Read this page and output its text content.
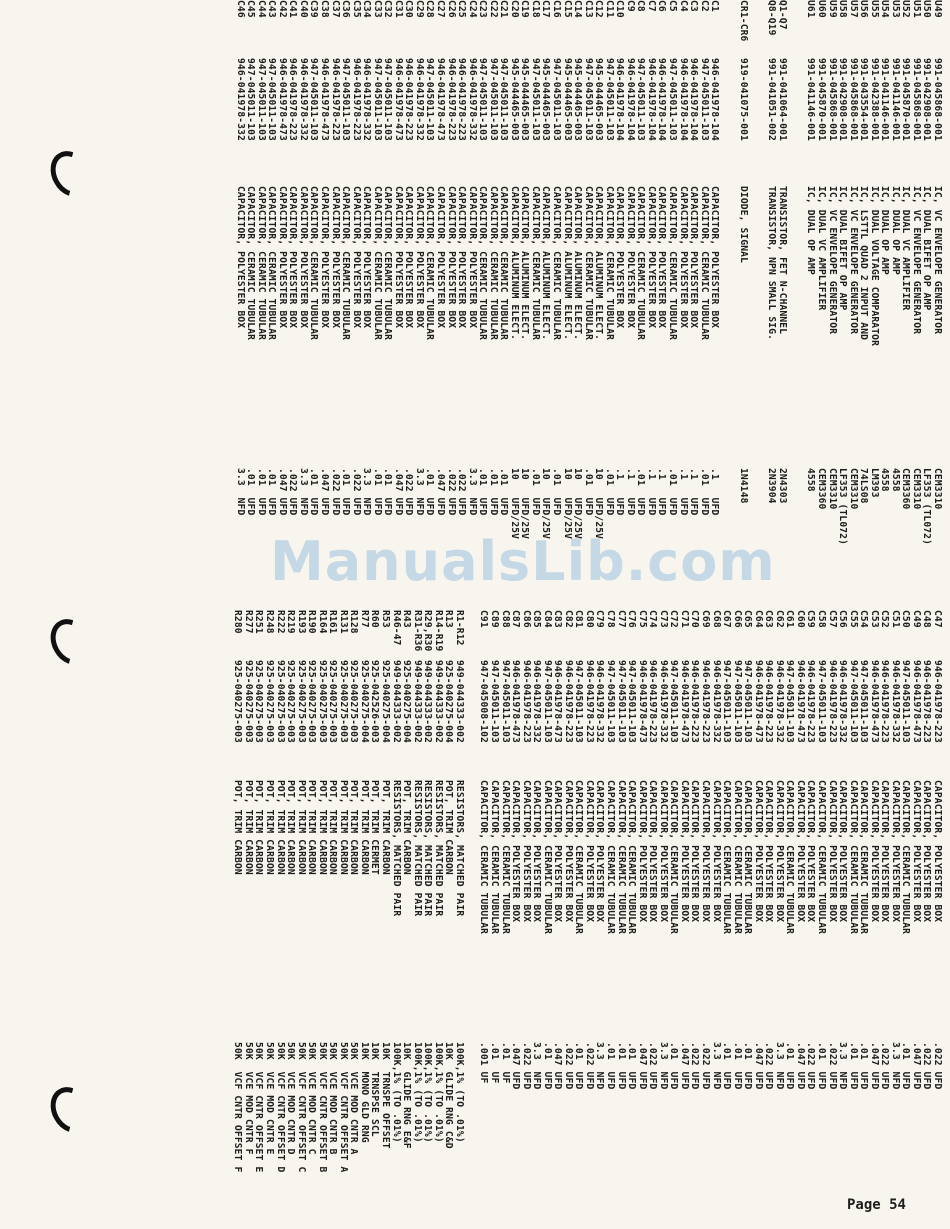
U49
991-045868-001
IC, VC ENVELOPE GENERATOR
CEM3310
U50
991-042908-001
IC, DUAL BIFET OP AMP
LF353 (TL072)
U51
991-045868-001
IC, VC ENVELOPE GENERATOR
CEM3310
U52
991-045870-001
IC, DUAL VC AMPLIFIER
CEM3360
U53
991-041146-001
IC, DUAL OP AMP
4558
U54
991-041146-001
IC, DUAL OP AMP
4558
U55
991-042388-001
IC, DUAL VOLTAGE COMPARATOR
LM393
U56
991-043554-001
IC, LSTTL QUAD 2 INPUT AND
74LS08
U57
991-045868-001
IC, VC ENVELOPE GENERATOR
CEM3310
U58
991-042908-001
IC, DUAL BIFET OP AMP
LF353 (TL072)
U59
991-045868-001
IC, VC ENVELOPE GENERATOR
CEM3310
U60
991-045870-001
IC, DUAL VC AMPLIFIER
CEM3360
U61
991-041146-001
IC, DUAL OP AMP
4558
Q1-Q7
991-041064-001
TRANSISTOR, FET N-CHANNEL
2N4303
Q8-Q19
991-041051-002
TRANSISTOR, NPN SMALL SIG.
2N3904
CR1-CR6
919-041075-001
DIODE, SIGNAL
1N4148
C1
946-041978-104
CAPACITOR, POLYESTER BOX
.1   UFD
C2
947-045011-103
CAPACITOR, CERAMIC TUBULAR
.01  UFD
C3
946-041978-104
CAPACITOR, POLYESTER BOX
.1   UFD
C4
946-041978-104
CAPACITOR, POLYESTER BOX
.1   UFD
C5
947-045011-103
CAPACITOR, CERAMIC TUBULAR
.01  UFD
C6
946-041978-104
CAPACITOR, POLYESTER BOX
.1   UFD
C7
946-041978-104
CAPACITOR, POLYESTER BOX
.1   UFD
C8
947-045011-103
CAPACITOR, CERAMIC TUBULAR
.01  UFD
C9
946-041978-104
CAPACITOR, POLYESTER BOX
.1   UFD
C10
946-041978-104
CAPACITOR, POLYESTER BOX
.1   UFD
C11
947-045011-103
CAPACITOR, CERAMIC TUBULAR
.01  UFD
C12
945-044465-003
CAPACITOR, ALUMINUM ELECT.
10   UFD/25V
C13
947-045011-103
CAPACITOR, CERAMIC TUBULAR
.01  UFD
C14
945-044465-003
CAPACITOR, ALUMINUM ELECT.
10   UFD/25V
C15
945-044465-003
CAPACITOR, ALUMINUM ELECT.
10   UFD/25V
C16
947-045011-103
CAPACITOR, CERAMIC TUBULAR
.01  UFD
C17
945-044465-003
CAPACITOR, ALUMINUM ELECT.
10   UFD/25V
C18
947-045011-103
CAPACITOR, CERAMIC TUBULAR
.01  UFD
C19
945-044465-003
CAPACITOR, ALUMINUM ELECT.
10   UFD/25V
C20
945-044465-003
CAPACITOR, ALUMINUM ELECT.
10   UFD/25V
C21
947-045011-103
CAPACITOR, CERAMIC TUBULAR
.01  UFD
C22
947-045011-103
CAPACITOR, CERAMIC TUBULAR
.01  UFD
C23
947-045011-103
CAPACITOR, CERAMIC TUBULAR
.01  UFD
C24
946-041978-332
CAPACITOR, POLYESTER BOX
3.3  NFD
C25
946-041978-223
CAPACITOR, POLYESTER BOX
.022 UFD
C26
946-041978-223
CAPACITOR, POLYESTER BOX
.022 UFD
C27
946-041978-473
CAPACITOR, POLYESTER BOX
.047 UFD
C28
947-045011-103
CAPACITOR, CERAMIC TUBULAR
.01  UFD
C29
946-041978-332
CAPACITOR, POLYESTER BOX
3.3  NFD
C30
946-041978-223
CAPACITOR, POLYESTER BOX
.022 UFD
C31
946-041978-473
CAPACITOR, POLYESTER BOX
.047 UFD
C32
947-045011-103
CAPACITOR, CERAMIC TUBULAR
.01  UFD
C33
947-045011-103
CAPACITOR, CERAMIC TUBULAR
.01  UFD
C34
946-041978-332
CAPACITOR, POLYESTER BOX
3.3  NFD
C35
946-041978-223
CAPACITOR, POLYESTER BOX
.022 UFD
C36
947-045011-103
CAPACITOR, CERAMIC TUBULAR
.01  UFD
C37
946-041978-223
CAPACITOR, POLYESTER BOX
.022 UFD
C38
946-041978-473
CAPACITOR, POLYESTER BOX
.047 UFD
C39
947-045011-103
CAPACITOR, CERAMIC TUBULAR
.01  UFD
C40
946-041978-332
CAPACITOR, POLYESTER BOX
3.3  NFD
C41
946-041978-223
CAPACITOR, POLYESTER BOX
.022 UFD
C42
946-041978-473
CAPACITOR, POLYESTER BOX
.047 UFD
C43
947-045011-103
CAPACITOR, CERAMIC TUBULAR
.01  UFD
C44
947-045011-103
CAPACITOR, CERAMIC TUBULAR
.01  UFD
C45
947-045011-103
CAPACITOR, CERAMIC TUBULAR
.01  UFD
C46
946-041978-332
CAPACITOR, POLYESTER BOX
3.3  NFD
C47
946-041978-223
CAPACITOR, POLYESTER BOX
.022 UFD
C48
946-041978-223
CAPACITOR, POLYESTER BOX
.022 UFD
C49
946-041978-473
CAPACITOR, POLYESTER BOX
.047 UFD
C50
947-045011-103
CAPACITOR, CERAMIC TUBULAR
.01  UFD
C51
946-041978-332
CAPACITOR, POLYESTER BOX
3.3  NFD
C52
946-041978-223
CAPACITOR, POLYESTER BOX
.022 UFD
C53
946-041978-473
CAPACITOR, POLYESTER BOX
.047 UFD
C54
947-045011-103
CAPACITOR, CERAMIC TUBULAR
.01  UFD
C55
947-045011-103
CAPACITOR, CERAMIC TUBULAR
.01  UFD
C56
946-041978-332
CAPACITOR, POLYESTER BOX
3.3  NFD
C57
946-041978-223
CAPACITOR, POLYESTER BOX
.022 UFD
C58
947-045011-103
CAPACITOR, CERAMIC TUBULAR
.01  UFD
C59
946-041978-223
CAPACITOR, POLYESTER BOX
.022 UFD
C60
946-041978-473
CAPACITOR, POLYESTER BOX
.047 UFD
C61
947-045011-103
CAPACITOR, CERAMIC TUBULAR
.01  UFD
C62
946-041978-332
CAPACITOR, POLYESTER BOX
3.3  NFD
C63
946-041978-223
CAPACITOR, POLYESTER BOX
.022 UFD
C64
946-041978-473
CAPACITOR, POLYESTER BOX
.047 UFD
C65
947-045011-103
CAPACITOR, CERAMIC TUBULAR
.01  UFD
C66
947-045011-103
CAPACITOR, CERAMIC TUBULAR
.01  UFD
C67
947-045011-103
CAPACITOR, CERAMIC TUBULAR
.01  UFD
C68
946-041978-332
CAPACITOR, POLYESTER BOX
3.3  NFD
C69
946-041978-223
CAPACITOR, POLYESTER BOX
.022 UFD
C70
946-041978-223
CAPACITOR, POLYESTER BOX
.022 UFD
C71
946-041978-473
CAPACITOR, POLYESTER BOX
.047 UFD
C72
947-045011-103
CAPACITOR, CERAMIC TUBULAR
.01  UFD
C73
946-041978-332
CAPACITOR, POLYESTER BOX
3.3  NFD
C74
946-041978-223
CAPACITOR, POLYESTER BOX
.022 UFD
C75
946-041978-473
CAPACITOR, POLYESTER BOX
.047 UFD
C76
947-045011-103
CAPACITOR, CERAMIC TUBULAR
.01  UFD
C77
947-045011-103
CAPACITOR, CERAMIC TUBULAR
.01  UFD
C78
947-045011-103
CAPACITOR, CERAMIC TUBULAR
.01  UFD
C79
946-041978-332
CAPACITOR, POLYESTER BOX
3.3  NFD
C80
946-041978-223
CAPACITOR, POLYESTER BOX
.022 UFD
C81
947-045011-103
CAPACITOR, CERAMIC TUBULAR
.01  UFD
C82
946-041978-223
CAPACITOR, POLYESTER BOX
.022 UFD
C83
946-041978-473
CAPACITOR, POLYESTER BOX
.047 UFD
C84
947-045011-103
CAPACITOR, CERAMIC TUBULAR
.01  UFD
C85
946-041978-332
CAPACITOR, POLYESTER BOX
3.3  NFD
C86
946-041978-223
CAPACITOR, POLYESTER BOX
.022 UFD
C87
946-041978-473
CAPACITOR, POLYESTER BOX
.047 UFD
C88
947-045011-103
CAPACITOR, CERAMIC TUBULAR
.01  UF
C89
947-045011-103
CAPACITOR, CERAMIC TUBULAR
.01  UF
C91
947-045008-102
CAPACITOR, CERAMIC TUBULAR
.001 UF
R1-R12
949-044333-002
RESISTORS, MATCHED PAIR
100K,1% (TO .01%)
R13
925-040275-004
POT, TRIM CARBON
10K  GLIDE RNG C&D
R14-R19
949-044333-002
RESISTORS, MATCHED PAIR
100K,1% (TO .01%)
R29,R30
949-044333-002
RESISTORS, MATCHED PAIR
100K,1% (TO .01%)
R31-R36
949-044333-002
RESISTORS, MATCHED PAIR
100K,1% (TO .01%)
R43
925-040275-004
POT, TRIM CARBON
10K  GLIDE RNG E&F
R46-47
949-044333-002
RESISTORS, MATCHED PAIR
100K,1% (TO .01%)
R53
925-040275-004
POT, TRIM CARBON
10K  TRNSPE OFFSET
R60
925-042526-003
POT, TRIM CERMET
10K  TRNSPSE SCL
R77
925-040275-004
POT, TRIM CARBON
10K  MONO GLD RNG
R128
925-040275-003
POT, TRIM CARBON
50K  VCE MOD CNTR A
R131
925-040275-003
POT, TRIM CARBON
50K  VCF CNTR OFFSET A
R161
925-040275-003
POT, TRIM CARBON
50K  VCE MOD CNTR B
R164
925-040275-003
POT, TRIM CARBON
50K  VCF CNTR OFFSET B
R190
925-040275-003
POT, TRIM CARBON
50K  VCE MOD CNTR C
R193
925-040275-003
POT, TRIM CARBON
50K  VCF CNTR OFFSET C
R219
925-040275-003
POT, TRIM CARBON
50K  VCE MOD CNTR D
R222
925-040275-003
POT, TRIM CARBON
50K  VCF CNTR OFFSET D
R248
925-040275-003
POT, TRIM CARBON
50K  VCE MOD CNTR E
R251
925-040275-003
POT, TRIM CARBON
50K  VCF CNTR OFFSET E
R277
925-040275-003
POT, TRIM CARBON
50K  VCE MOD CNTR F
R280
925-040275-003
POT, TRIM CARBON
50K  VCF CNTR OFFSET F
ManualsLib.com
Page 54
